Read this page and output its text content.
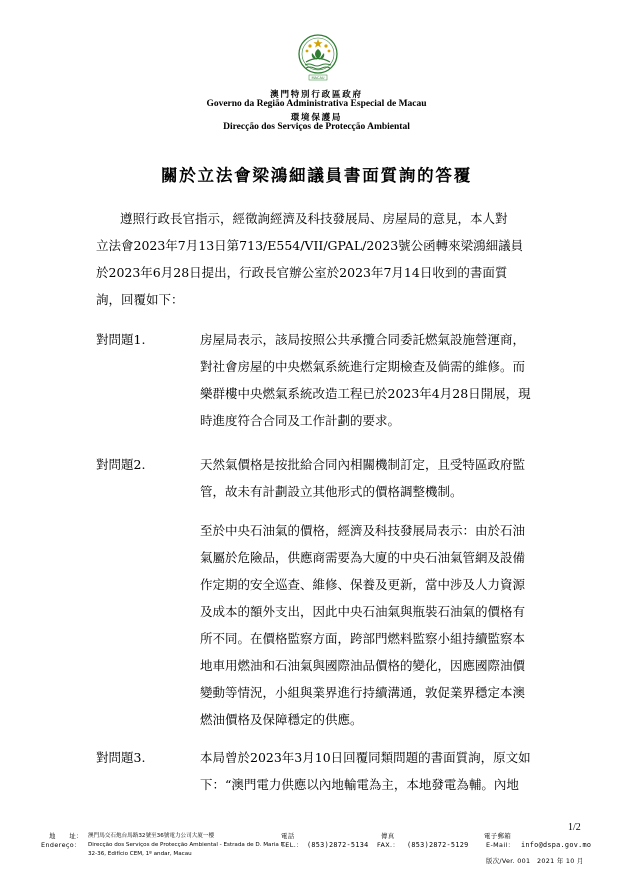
MACAU
澳門特別行政區政府
Governo da Região Administrativa Especial de Macau
環境保護局
Direcção dos Serviços de Protecção Ambiental
關於立法會梁鴻細議員書面質詢的答覆
遵照行政長官指示，經徵詢經濟及科技發展局、房屋局的意見，本人對
立法會2023年7月13日第713/E554/VII/GPAL/2023號公函轉來梁鴻細議員
於2023年6月28日提出，行政長官辦公室於2023年7月14日收到的書面質
詢，回覆如下：
對問題1.	房屋局表示，該局按照公共承攬合同委託燃氣設施營運商，
對社會房屋的中央燃氣系統進行定期檢查及倘需的維修。而
樂群樓中央燃氣系統改造工程已於2023年4月28日開展，現
時進度符合合同及工作計劃的要求。
對問題2.	天然氣價格是按批給合同內相關機制訂定，且受特區政府監
管，故未有計劃設立其他形式的價格調整機制。
至於中央石油氣的價格，經濟及科技發展局表示：由於石油
氣屬於危險品，供應商需要為大廈的中央石油氣管網及設備
作定期的安全巡查、維修、保養及更新，當中涉及人力資源
及成本的額外支出，因此中央石油氣與瓶裝石油氣的價格有
所不同。在價格監察方面，跨部門燃料監察小組持續監察本
地車用燃油和石油氣與國際油品價格的變化，因應國際油價
變動等情況，小組與業界進行持續溝通，敦促業界穩定本澳
燃油價格及保障穩定的供應。
對問題3.	本局曾於2023年3月10日回覆同類問題的書面質詢，原文如
下：“澳門電力供應以內地輸電為主，本地發電為輔。內地
1/2
地　　址：
Endereço：
澳門馬交石炮台馬路32號至36號電力公司大廈一樓
Direcção dos Serviços de Protecção Ambiental - Estrada de D. Maria II,
32-36, Edifício CEM, 1º andar, Macau
電話
TEL.： (853)2872-5134
傳真
FAX.： (853)2872-5129
電子郵箱
E-Mail： info@dspa.gov.mo
版次/Ver. 001　2021 年 10 月
